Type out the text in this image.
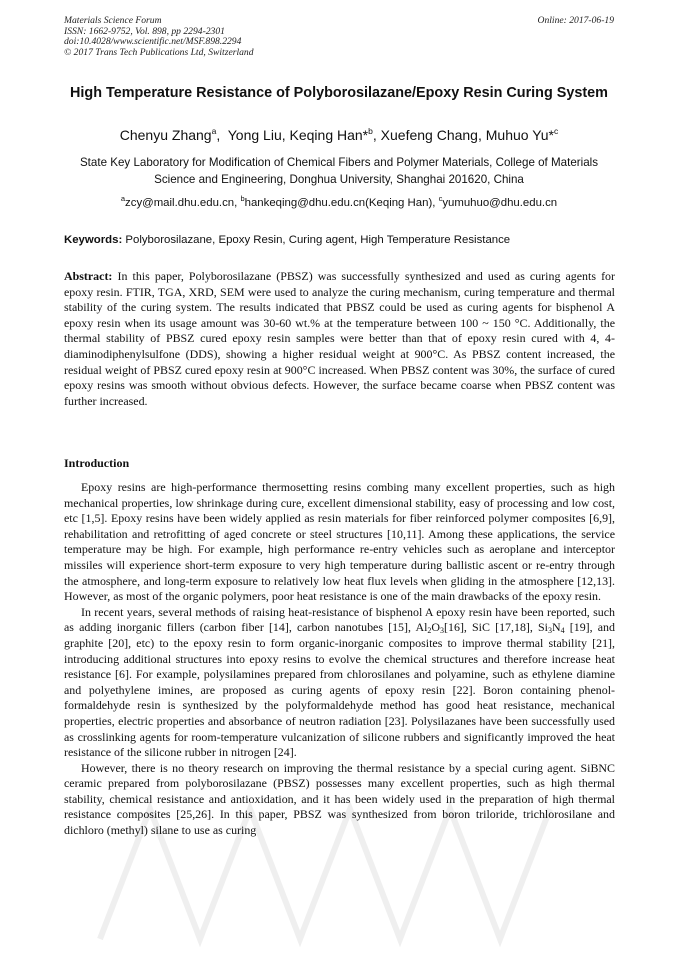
Materials Science Forum
ISSN: 1662-9752, Vol. 898, pp 2294-2301
doi:10.4028/www.scientific.net/MSF.898.2294
© 2017 Trans Tech Publications Ltd, Switzerland
Online: 2017-06-19
High Temperature Resistance of Polyborosilazane/Epoxy Resin Curing System
Chenyu Zhang$^a$,  Yong Liu, Keqing Han*$^b$, Xuefeng Chang, Muhuo Yu*$^c$
State Key Laboratory for Modification of Chemical Fibers and Polymer Materials, College of Materials Science and Engineering, Donghua University, Shanghai 201620, China
$^a$zcy@mail.dhu.edu.cn, $^b$hankeqing@dhu.edu.cn(Keqing Han), $^c$yumuhuo@dhu.edu.cn
Keywords: Polyborosilazane, Epoxy Resin, Curing agent, High Temperature Resistance
Abstract: In this paper, Polyborosilazane (PBSZ) was successfully synthesized and used as curing agents for epoxy resin. FTIR, TGA, XRD, SEM were used to analyze the curing mechanism, curing temperature and thermal stability of the curing system. The results indicated that PBSZ could be used as curing agents for bisphenol A epoxy resin when its usage amount was 30-60 wt.% at the temperature between 100 ~ 150 °C. Additionally, the thermal stability of PBSZ cured epoxy resin samples were better than that of epoxy resin cured with 4, 4-diaminodiphenylsulfone (DDS), showing a higher residual weight at 900°C. As PBSZ content increased, the residual weight of PBSZ cured epoxy resin at 900°C increased. When PBSZ content was 30%, the surface of cured epoxy resins was smooth without obvious defects. However, the surface became coarse when PBSZ content was further increased.
Introduction

Epoxy resins are high-performance thermosetting resins combing many excellent properties, such as high mechanical properties, low shrinkage during cure, excellent dimensional stability, easy of processing and low cost, etc [1,5]. Epoxy resins have been widely applied as resin materials for fiber reinforced polymer composites [6,9], rehabilitation and retrofitting of aged concrete or steel structures [10,11]. Among these applications, the service temperature may be high. For example, high performance re-entry vehicles such as aeroplane and interceptor missiles will experience short-term exposure to very high temperature during ballistic ascent or re-entry through the atmosphere, and long-term exposure to relatively low heat flux levels when gliding in the atmosphere [12,13]. However, as most of the organic polymers, poor heat resistance is one of the main drawbacks of the epoxy resin.

In recent years, several methods of raising heat-resistance of bisphenol A epoxy resin have been reported, such as adding inorganic fillers (carbon fiber [14], carbon nanotubes [15], $Al_2O_3[16]$, SiC [17,18], $Si_3N_4$ [19], and graphite [20], etc) to the epoxy resin to form organic-inorganic composites to improve thermal stability [21], introducing additional structures into epoxy resins to evolve the chemical structures and therefore increase heat resistance [6]. For example, polysilamines prepared from chlorosilanes and polyamine, such as ethylene diamine and polyethylene imines, are proposed as curing agents of epoxy resin [22]. Boron containing phenol-formaldehyde resin is synthesized by the polyformaldehyde method has good heat resistance, mechanical properties, electric properties and absorbance of neutron radiation [23]. Polysilazanes have been successfully used as crosslinking agents for room-temperature vulcanization of silicone rubbers and significantly improved the heat resistance of the silicone rubber in nitrogen [24].

However, there is no theory research on improving the thermal resistance by a special curing agent. SiBNC ceramic prepared from polyborosilazane (PBSZ) possesses many excellent properties, such as high thermal stability, chemical resistance and antioxidation, and it has been widely used in the preparation of high thermal resistance composites [25,26]. In this paper, PBSZ was synthesized from boron triloride, trichlorosilane and dichloro (methyl) silane to use as curing
